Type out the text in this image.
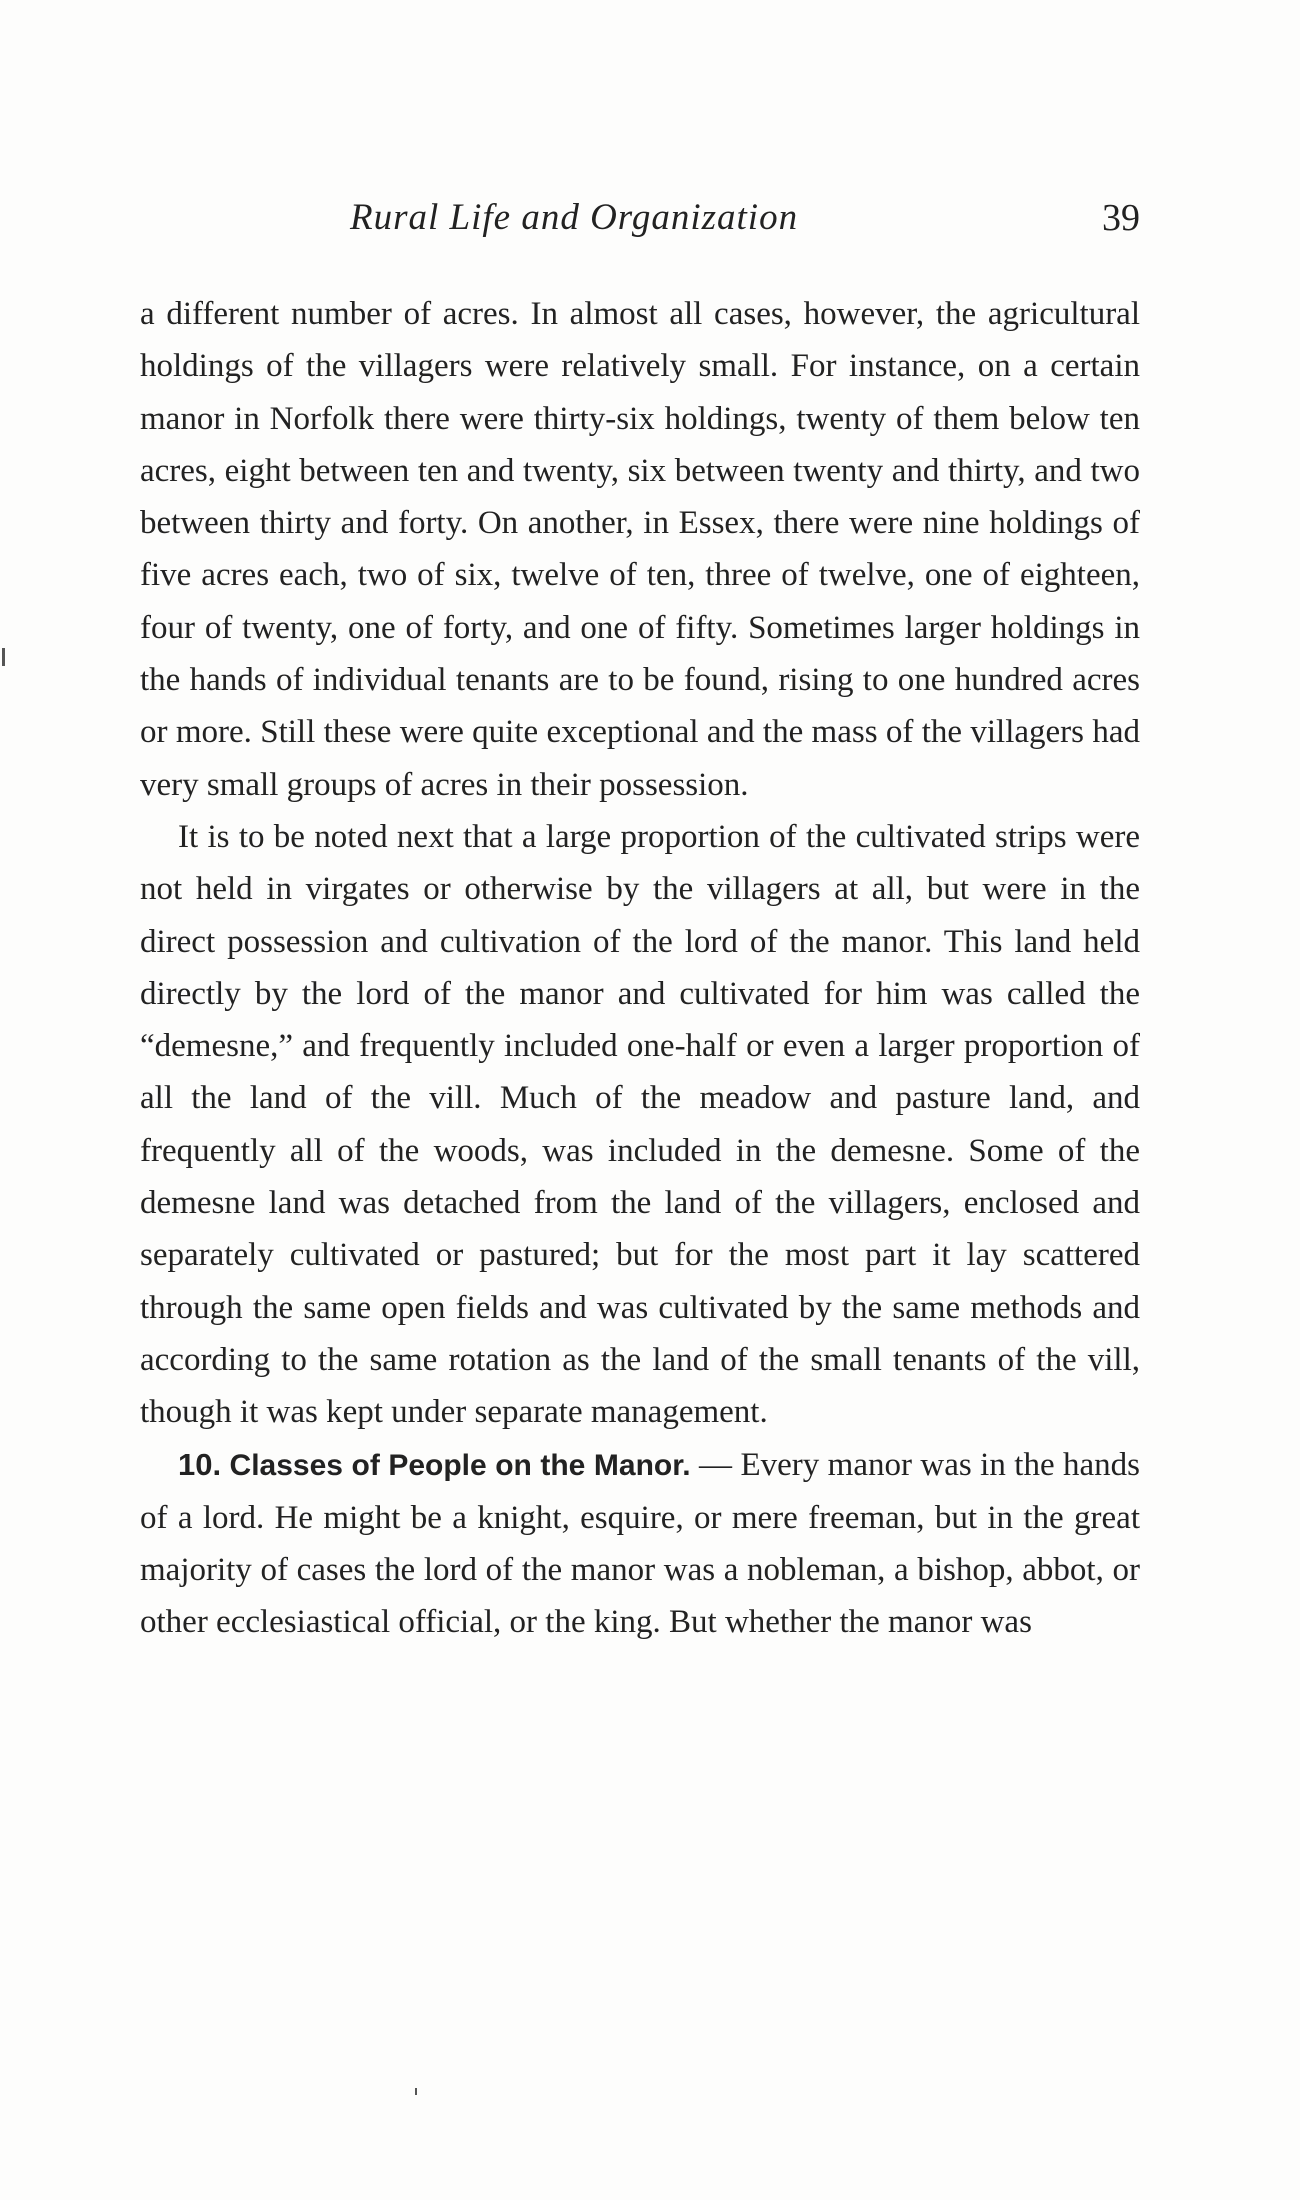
Rural Life and Organization	39

a different number of acres. In almost all cases, however, the agricultural holdings of the villagers were relatively small. For instance, on a certain manor in Norfolk there were thirty-six holdings, twenty of them below ten acres, eight between ten and twenty, six between twenty and thirty, and two between thirty and forty. On another, in Essex, there were nine holdings of five acres each, two of six, twelve of ten, three of twelve, one of eighteen, four of twenty, one of forty, and one of fifty. Sometimes larger holdings in the hands of individual tenants are to be found, rising to one hundred acres or more. Still these were quite exceptional and the mass of the villagers had very small groups of acres in their possession.

It is to be noted next that a large proportion of the cultivated strips were not held in virgates or otherwise by the villagers at all, but were in the direct possession and cultivation of the lord of the manor. This land held directly by the lord of the manor and cultivated for him was called the “demesne,” and frequently included one-half or even a larger proportion of all the land of the vill. Much of the meadow and pasture land, and frequently all of the woods, was included in the demesne. Some of the demesne land was detached from the land of the villagers, enclosed and separately cultivated or pastured; but for the most part it lay scattered through the same open fields and was cultivated by the same methods and according to the same rotation as the land of the small tenants of the vill, though it was kept under separate management.

10. Classes of People on the Manor. — Every manor was in the hands of a lord. He might be a knight, esquire, or mere freeman, but in the great majority of cases the lord of the manor was a nobleman, a bishop, abbot, or other ecclesiastical official, or the king. But whether the manor was
